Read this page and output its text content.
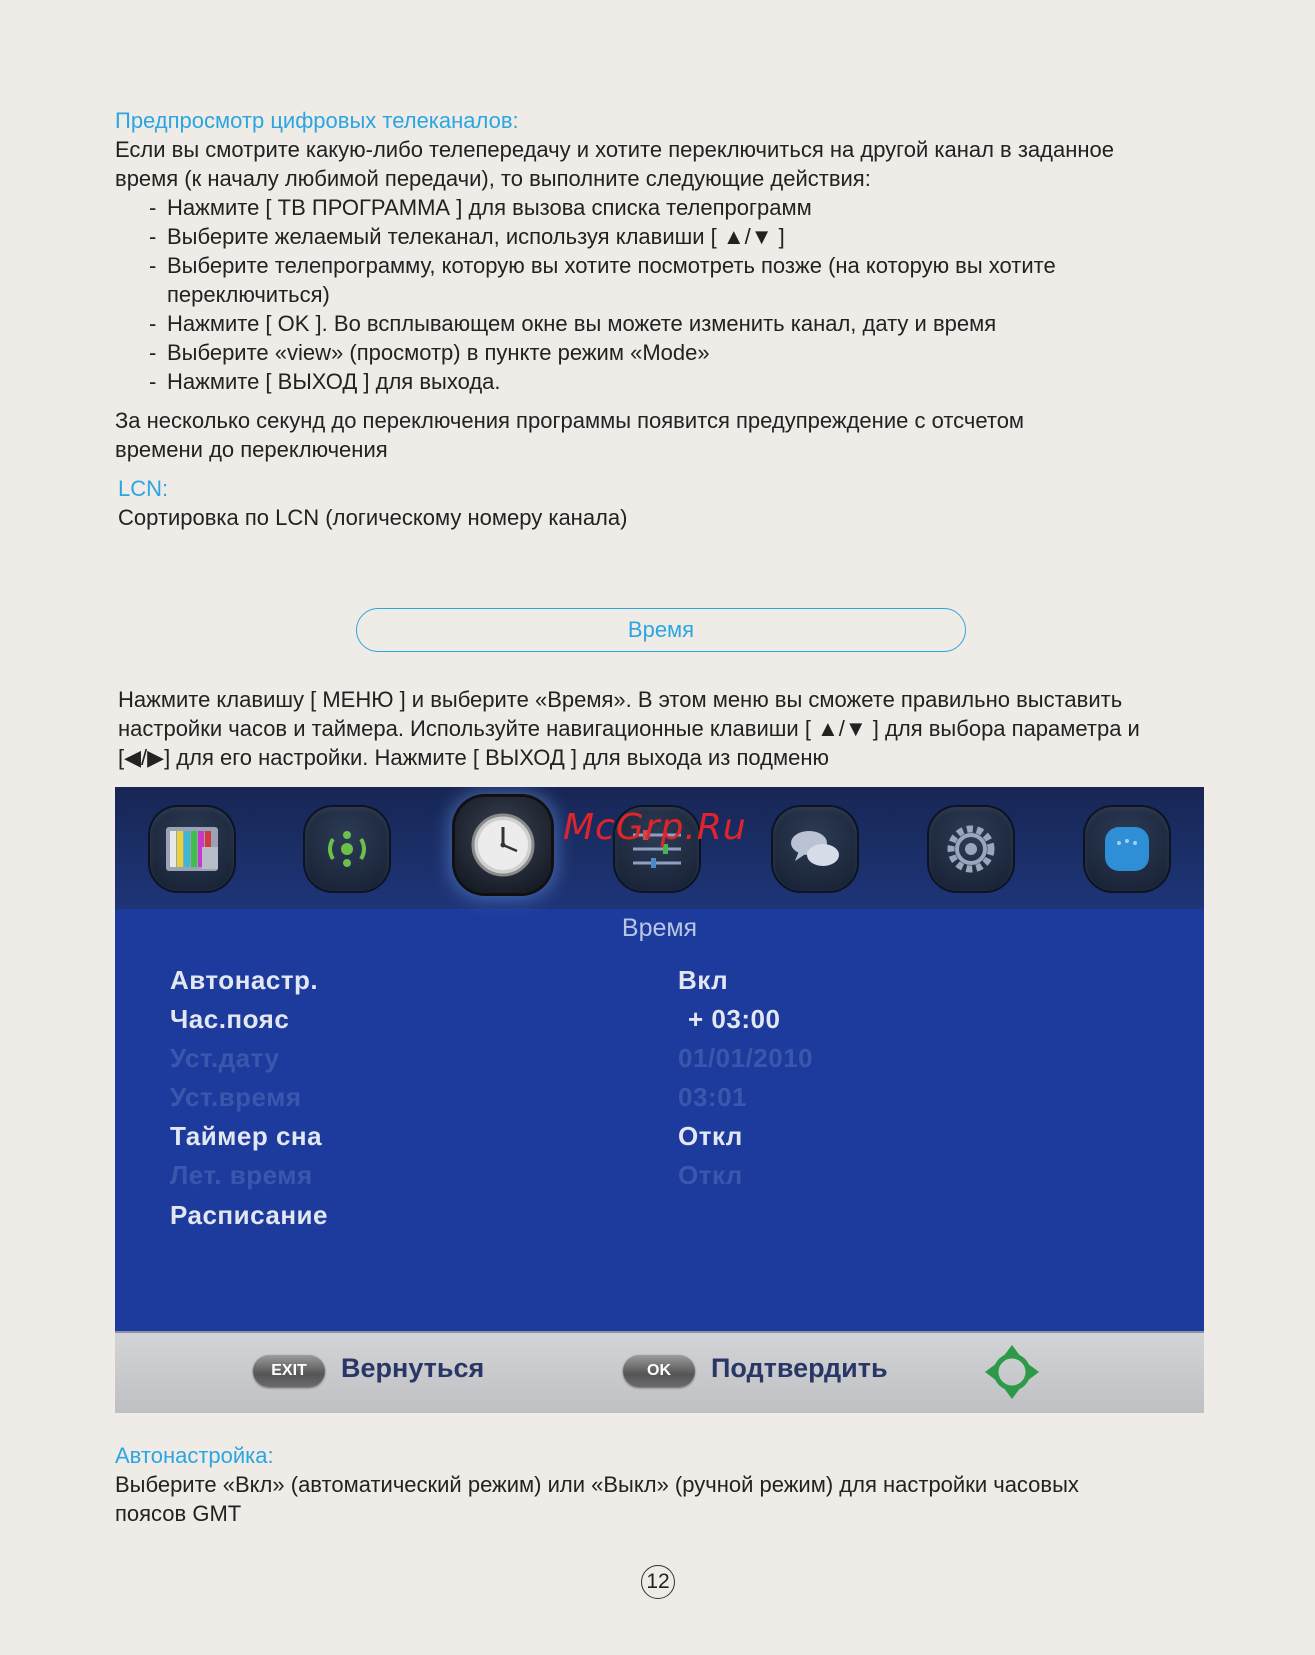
Предпросмотр цифровых телеканалов:
Если вы смотрите какую-либо телепередачу и хотите переключиться на другой канал в заданное
время (к началу любимой передачи), то выполните следующие действия:
- Нажмите [ ТВ ПРОГРАММА ] для вызова списка телепрограмм
- Выберите желаемый телеканал, используя клавиши [ ▲/▼ ]
- Выберите телепрограмму, которую вы хотите посмотреть позже (на которую вы хотите
переключиться)
- Нажмите [ OK ]. Во всплывающем окне вы можете изменить канал, дату и время
- Выберите «view» (просмотр) в пункте режим «Mode»
- Нажмите [ ВЫХОД ] для выхода.
За несколько секунд до переключения программы появится предупреждение с отсчетом
времени до переключения
LCN:
Сортировка по LCN (логическому номеру канала)
Время
Нажмите клавишу [ МЕНЮ ] и выберите «Время». В этом меню вы сможете правильно выставить
настройки часов и таймера. Используйте навигационные клавиши [ ▲/▼ ] для выбора параметра и
[◀/▶] для его настройки. Нажмите [ ВЫХОД ] для выхода из подменю
McGrp.Ru
Время
Автонастр.	Вкл
Час.пояс	+ 03:00
Уст.дату	01/01/2010
Уст.время	03:01
Таймер сна	Откл
Лет. время	Откл
Расписание
EXIT	Вернуться	OK	Подтвердить
Автонастройка:
Выберите «Вкл» (автоматический режим) или «Выкл» (ручной режим) для настройки часовых
поясов GMT
12
